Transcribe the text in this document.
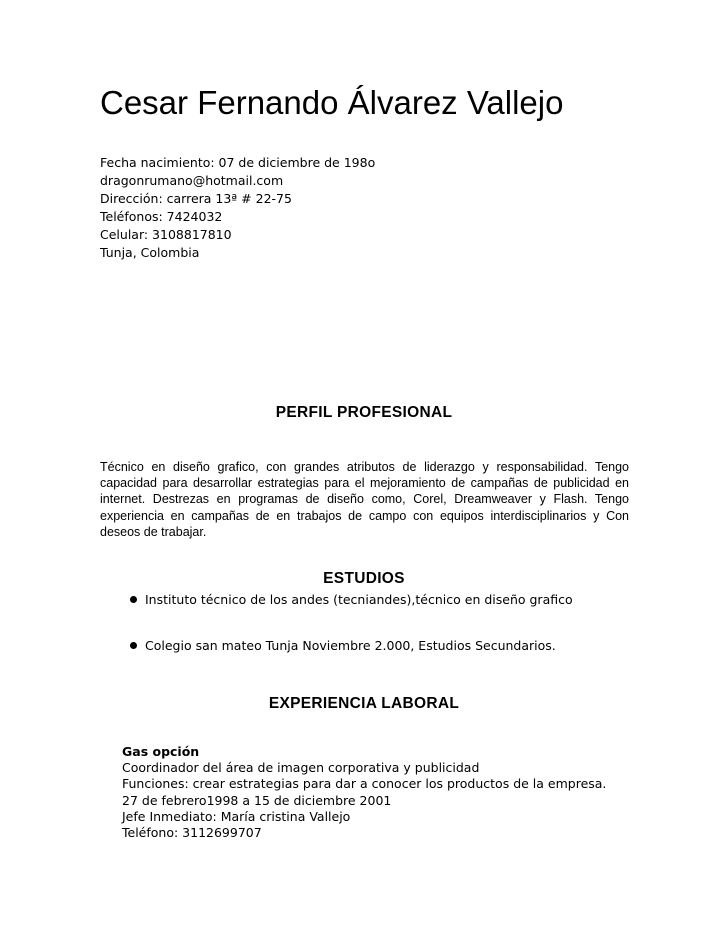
Cesar Fernando Álvarez Vallejo
Fecha nacimiento: 07 de diciembre de 198o
dragonrumano@hotmail.com
Dirección: carrera 13ª # 22-75
Teléfonos: 7424032
Celular: 3108817810
Tunja, Colombia
PERFIL PROFESIONAL

Técnico en diseño grafico, con grandes atributos de liderazgo y responsabilidad. Tengo capacidad para desarrollar estrategias para el mejoramiento de campañas de publicidad en internet. Destrezas en programas de diseño como, Corel, Dreamweaver y Flash. Tengo experiencia en campañas de en trabajos de campo con equipos interdisciplinarios y Con deseos de trabajar.

ESTUDIOS
Instituto técnico de los andes (tecniandes),técnico en diseño grafico
Colegio san mateo Tunja Noviembre 2.000, Estudios Secundarios.
EXPERIENCIA LABORAL
Gas opción
Coordinador del área de imagen corporativa y publicidad
Funciones: crear estrategias para dar a conocer los productos de la empresa.
27 de febrero1998 a 15 de diciembre 2001
Jefe Inmediato: María cristina Vallejo
Teléfono: 3112699707
